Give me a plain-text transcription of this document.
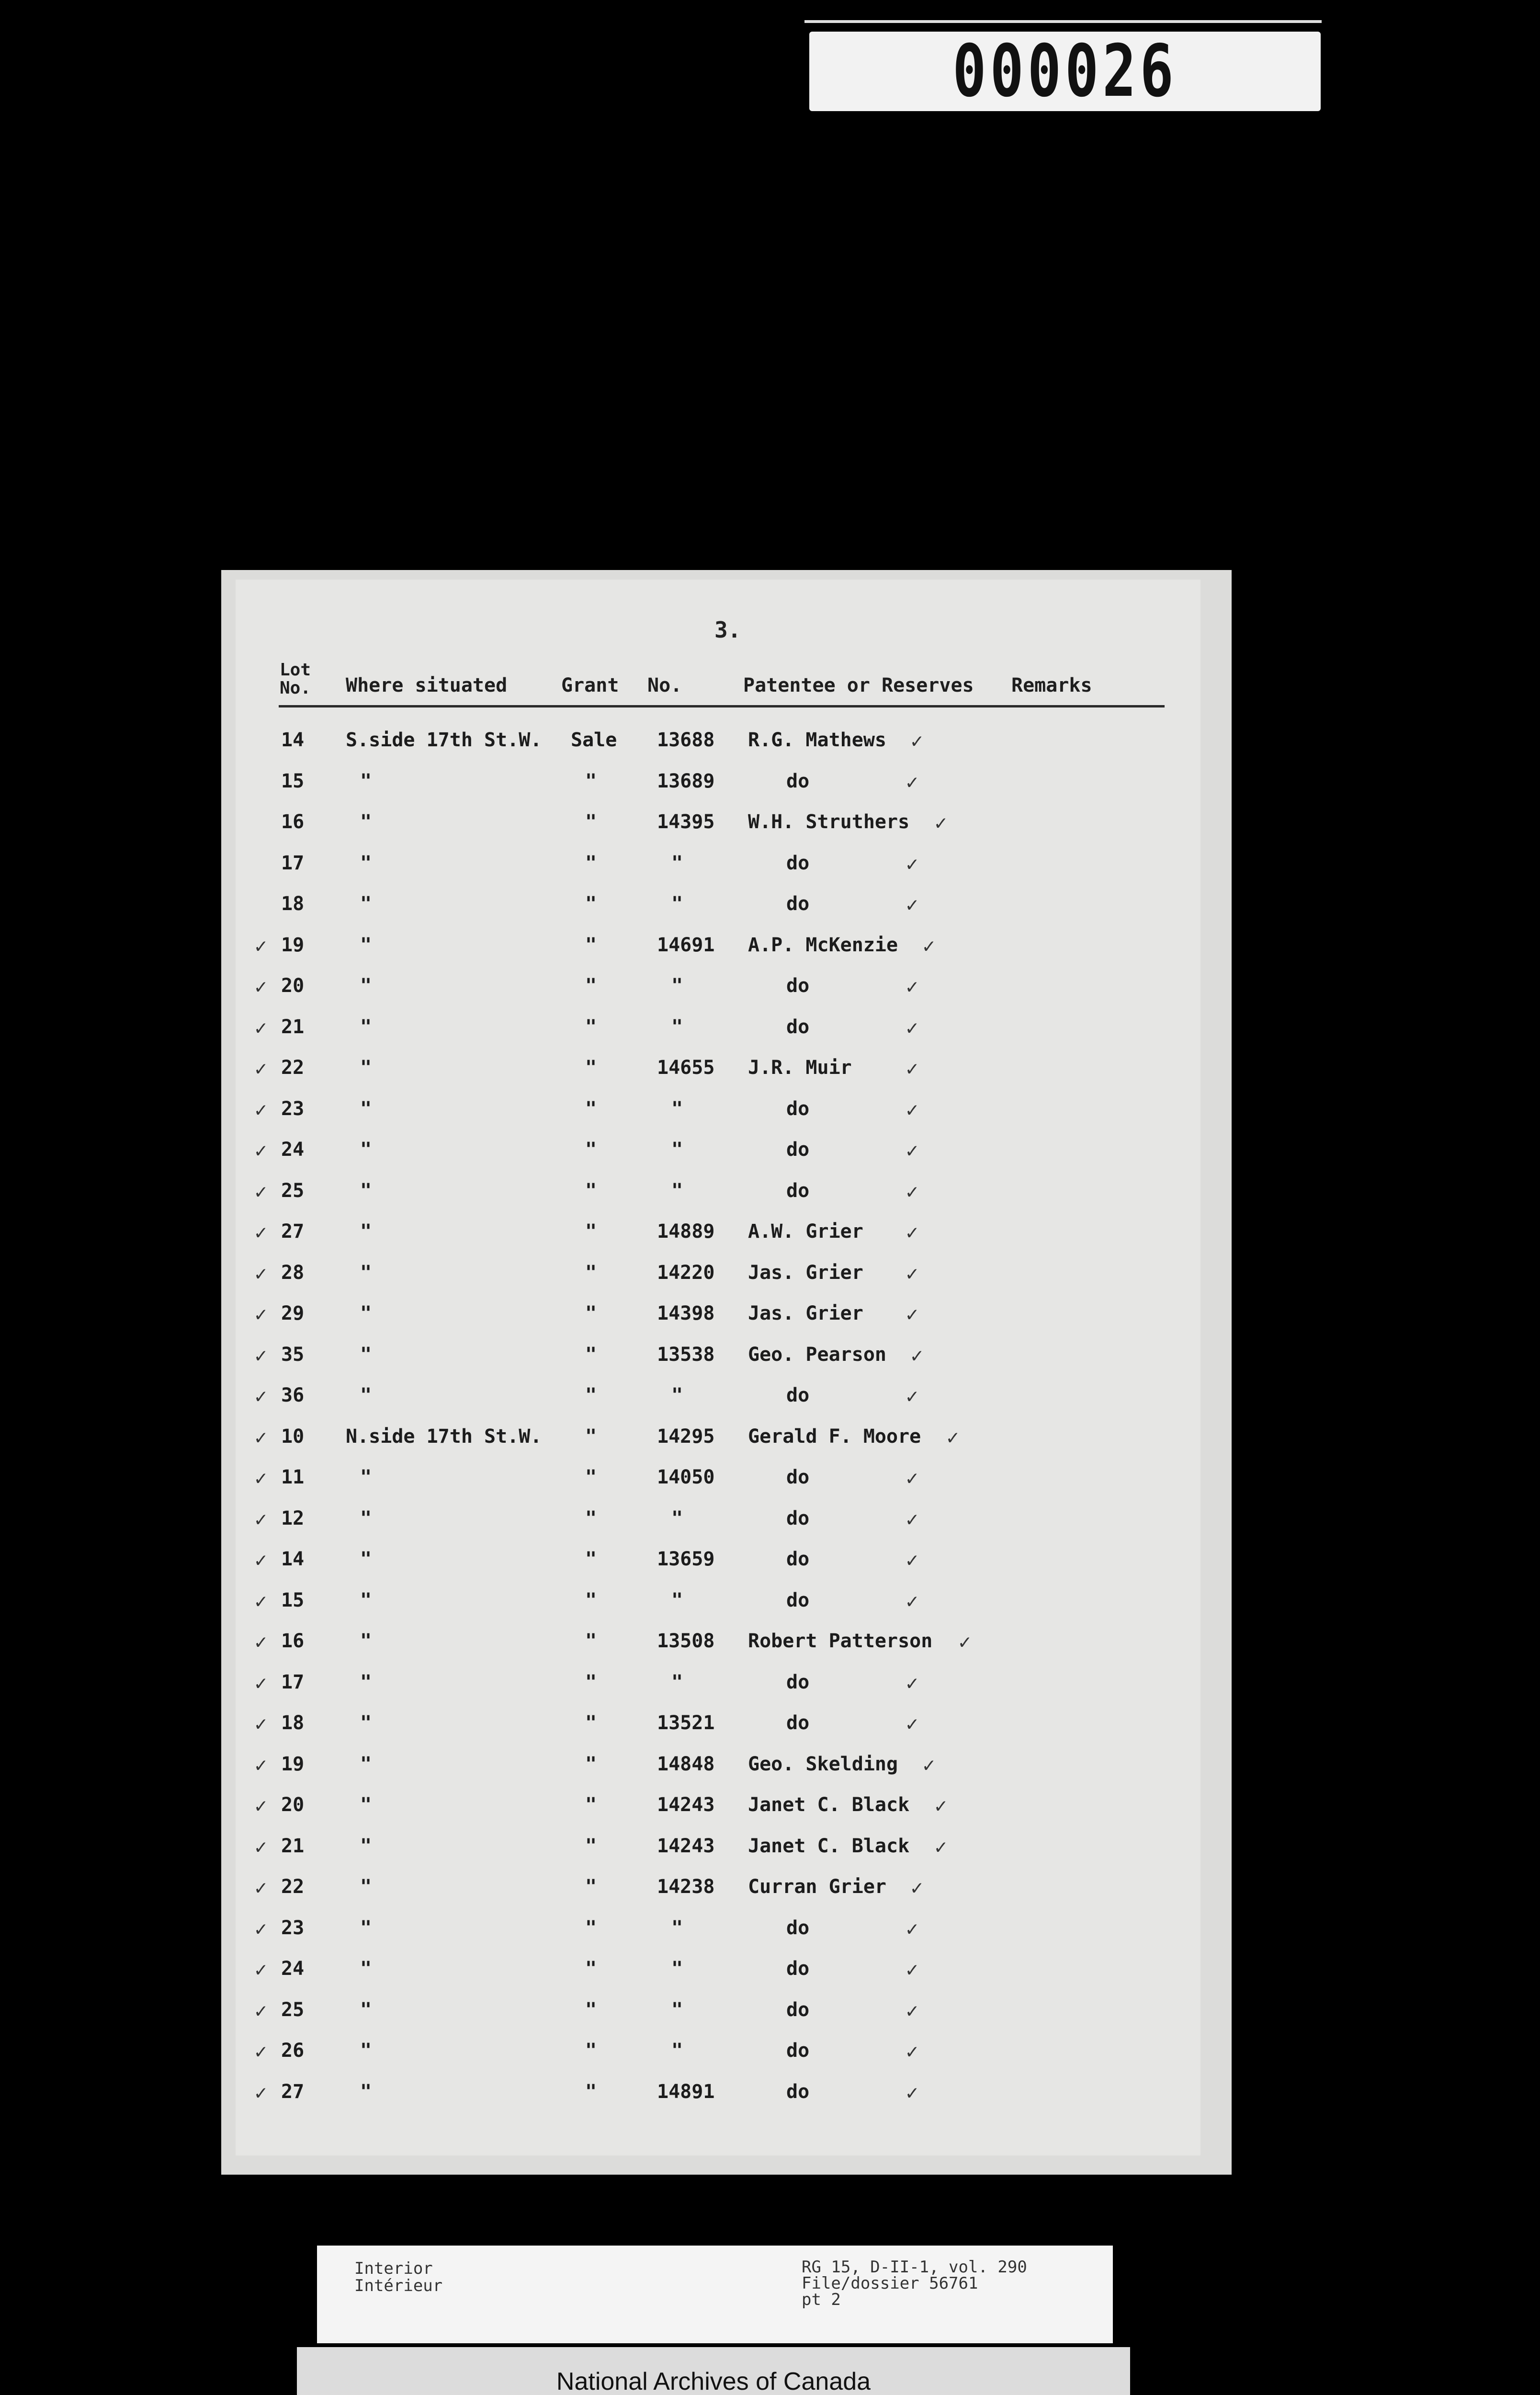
000026
3.
Lot No.	Where situated	Grant No.	Patentee or Reserves Remarks
14 S.side 17th St.W. Sale 13688 R.G. Mathews ✓
15	"	"	13689	do	✓
16	"	"	14395 W.H. Struthers ✓
17	"	"	"	do	✓
18	"	"	"	do	✓
✓ 19	"	"	14691 A.P. McKenzie ✓
✓ 20	"	"	"	do	✓
✓ 21	"	"	"	do	✓
✓ 22	"	"	14655 J.R. Muir	✓
✓ 23	"	"	"	do	✓
✓ 24	"	"	"	do	✓
✓ 25	"	"	"	do	✓
✓ 27	"	"	14889 A.W. Grier ✓
✓ 28	"	"	14220 Jas. Grier ✓
✓ 29	"	"	14398 Jas. Grier ✓
✓ 35	"	"	13538 Geo. Pearson ✓
✓ 36	"	"	"	do	✓
✓ 10 N.side 17th St.W. "	14295 Gerald F. Moore ✓
✓ 11	"	"	14050	do	✓
✓ 12	"	"	"	do	✓
✓ 14	"	"	13659	do	✓
✓ 15	"	"	"	do	✓
✓ 16	"	"	13508 Robert Patterson ✓
✓ 17	"	"	"	do	✓
✓ 18	"	"	13521	do	✓
✓ 19	"	"	14848 Geo. Skelding ✓
✓ 20	"	"	14243 Janet C. Black ✓
✓ 21	"	"	14243 Janet C. Black ✓
✓ 22	"	"	14238 Curran Grier ✓
✓ 23	"	"	"	do	✓
✓ 24	"	"	"	do	✓
✓ 25	"	"	"	do	✓
✓ 26	"	"	"	do	✓
✓ 27	"	"	14891	do	✓
Interior
Intérieur
RG 15, D-II-1, vol. 290
File/dossier 56761
pt 2
National Archives of Canada
